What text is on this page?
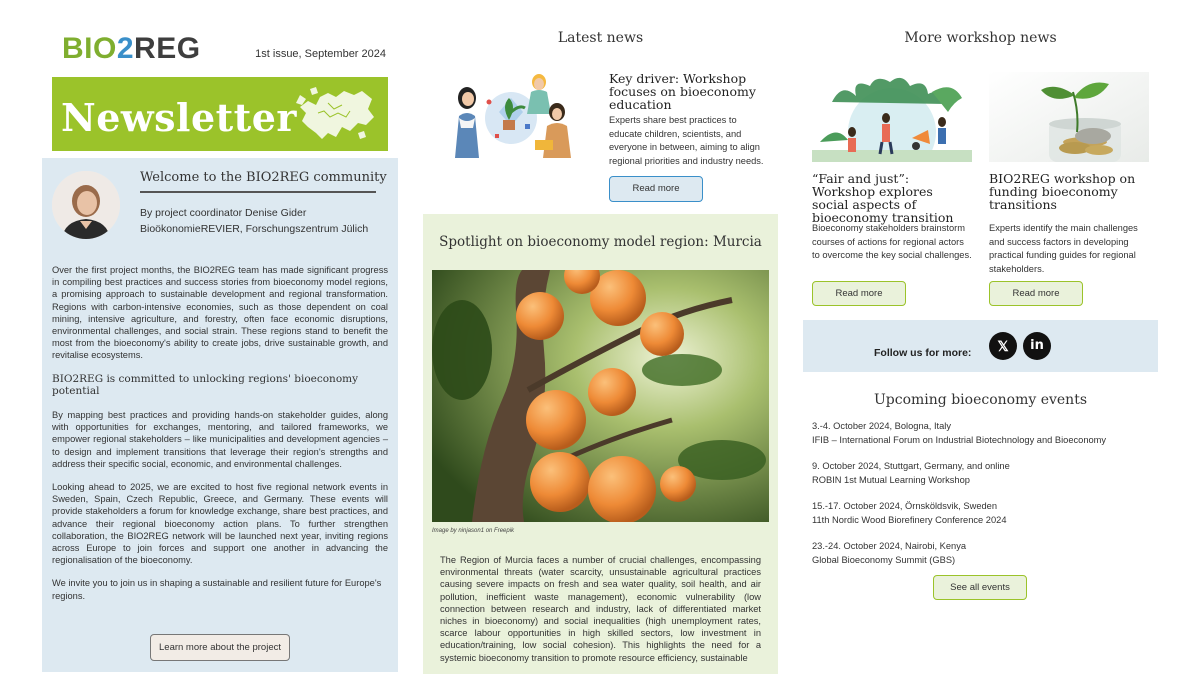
BIO2REG	1st issue, September 2024
Newsletter
Welcome to the BIO2REG community
By project coordinator Denise Gider
BioökonomieREVIER, Forschungszentrum Jülich

Over the first project months, the BIO2REG team has made significant progress in compiling best practices and success stories from bioeconomy model regions, a promising approach to sustainable development and regional transformation. Regions with carbon-intensive economies, such as those dependent on coal mining, intensive agriculture, and forestry, often face economic disruptions, environmental challenges, and social strain. These regions stand to benefit the most from the bioeconomy's ability to create jobs, drive sustainable growth, and revitalise ecosystems.

BIO2REG is committed to unlocking regions' bioeconomy potential

By mapping best practices and providing hands-on stakeholder guides, along with opportunities for exchanges, mentoring, and tailored frameworks, we empower regional stakeholders – like municipalities and development agencies – to design and implement transitions that leverage their region's strengths and address their specific social, economic, and environmental challenges.

Looking ahead to 2025, we are excited to host five regional network events in Sweden, Spain, Czech Republic, Greece, and Germany. These events will provide stakeholders a forum for knowledge exchange, share best practices, and advance their regional bioeconomy action plans. To further strengthen collaboration, the BIO2REG network will be launched next year, inviting regions across Europe to join forces and support one another in advancing the regionalisation of the bioeconomy.

We invite you to join us in shaping a sustainable and resilient future for Europe's regions.

Learn more about the project
Latest news
Key driver: Workshop focuses on bioeconomy education
Experts share best practices to educate children, scientists, and everyone in between, aiming to align regional priorities and industry needs.
Read more
Spotlight on bioeconomy model region: Murcia
Image by ninjason1 on Freepik
The Region of Murcia faces a number of crucial challenges, encompassing environmental threats (water scarcity, unsustainable agricultural practices causing severe impacts on fresh and sea water quality, soil health, and air pollution, inefficient waste management), economic vulnerability (low connection between research and industry, lack of differentiated market niches in bioeconomy) and social inequalities (high unemployment rates, scarce labour opportunities in high skilled sectors, low investment in education/training, low social cohesion). This highlights the need for a systemic bioeconomy transition to promote resource efficiency, sustainable
More workshop news
“Fair and just”: Workshop explores social aspects of bioeconomy transition
Bioeconomy stakeholders brainstorm courses of actions for regional actors to overcome the key social challenges.
Read more
BIO2REG workshop on funding bioeconomy transitions
Experts identify the main challenges and success factors in developing practical funding guides for regional stakeholders.
Read more
Follow us for more:	𝕏	in
Upcoming bioeconomy events
3.-4. October 2024, Bologna, Italy
IFIB – International Forum on Industrial Biotechnology and Bioeconomy
9. October 2024, Stuttgart, Germany, and online
ROBIN 1st Mutual Learning Workshop
15.-17. October 2024, Örnsköldsvik, Sweden
11th Nordic Wood Biorefinery Conference 2024
23.-24. October 2024, Nairobi, Kenya
Global Bioeconomy Summit (GBS)
See all events
